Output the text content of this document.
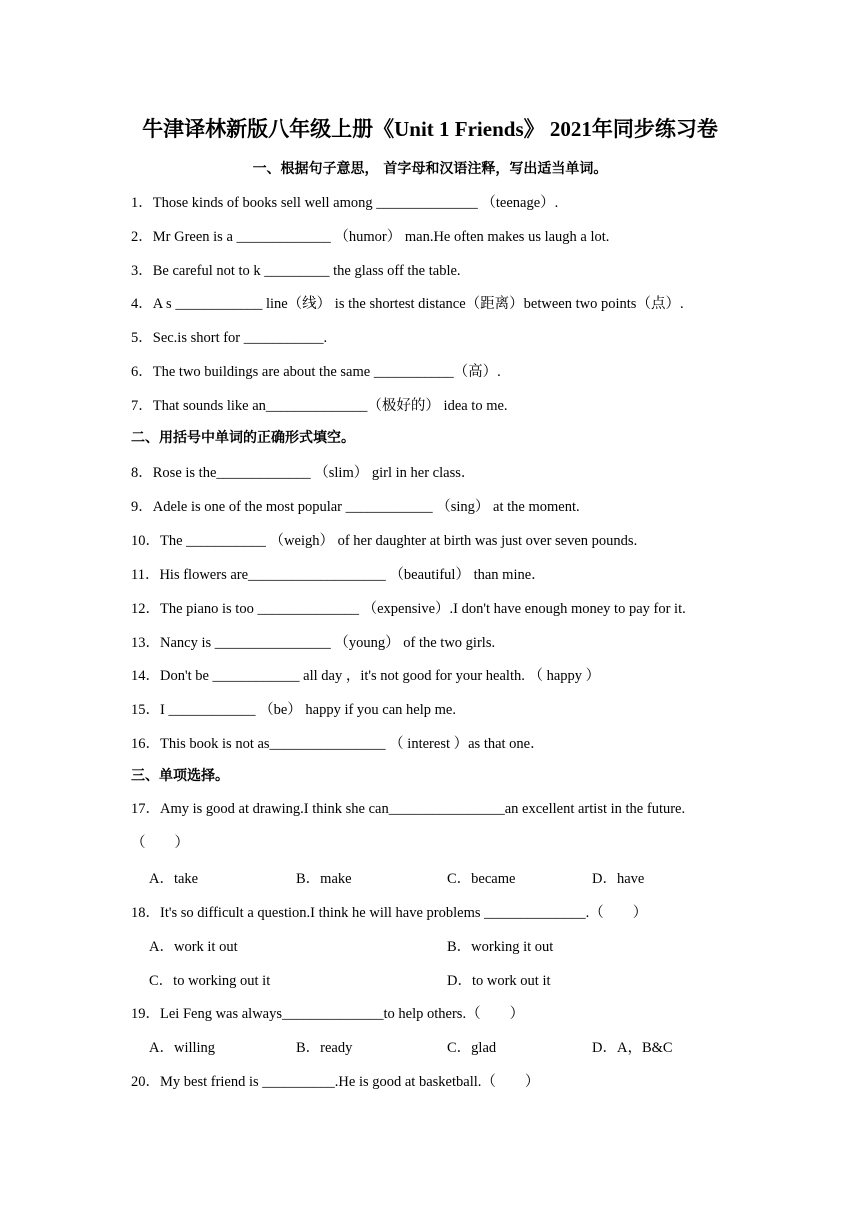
牛津译林新版八年级上册《Unit 1 Friends》 2021年同步练习卷
一、根据句子意思， 首字母和汉语注释，写出适当单词。
1．Those kinds of books sell well among ______________ （teenage）.
2．Mr Green is a _____________ （humor） man.He often makes us laugh a lot.
3．Be careful not to k _________ the glass off the table.
4．A s ____________ line（线） is the shortest distance（距离）between two points（点）.
5．Sec.is short for ___________.
6．The two buildings are about the same ___________（高）.
7．That sounds like an______________（极好的） idea to me.
二、用括号中单词的正确形式填空。
8．Rose is the_____________ （slim） girl in her class．
9．Adele is one of the most popular ____________ （sing） at the moment.
10．The ___________ （weigh） of her daughter at birth was just over seven pounds.
11．His flowers are___________________ （beautiful） than mine．
12．The piano is too ______________ （expensive）.I don't have enough money to pay for it.
13．Nancy is ________________ （young） of the two girls.
14．Don't be ____________ all day ，it's not good for your health. （ happy ）
15．I ____________ （be） happy if you can help me.
16．This book is not as________________ （ interest ）as that one．
三、单项选择。
17．Amy is good at drawing.I think she can________________an excellent artist in the future.（　　）
A．take	B．make	C．became	D．have
18．It's so difficult a question.I think he will have problems ______________.（　　）
A．work it out	B．working it out
C．to working out it	D．to work out it
19．Lei Feng was always______________to help others.（　　）
A．willing	B．ready	C．glad	D．A，B&C
20．My best friend is __________.He is good at basketball.（　　）
